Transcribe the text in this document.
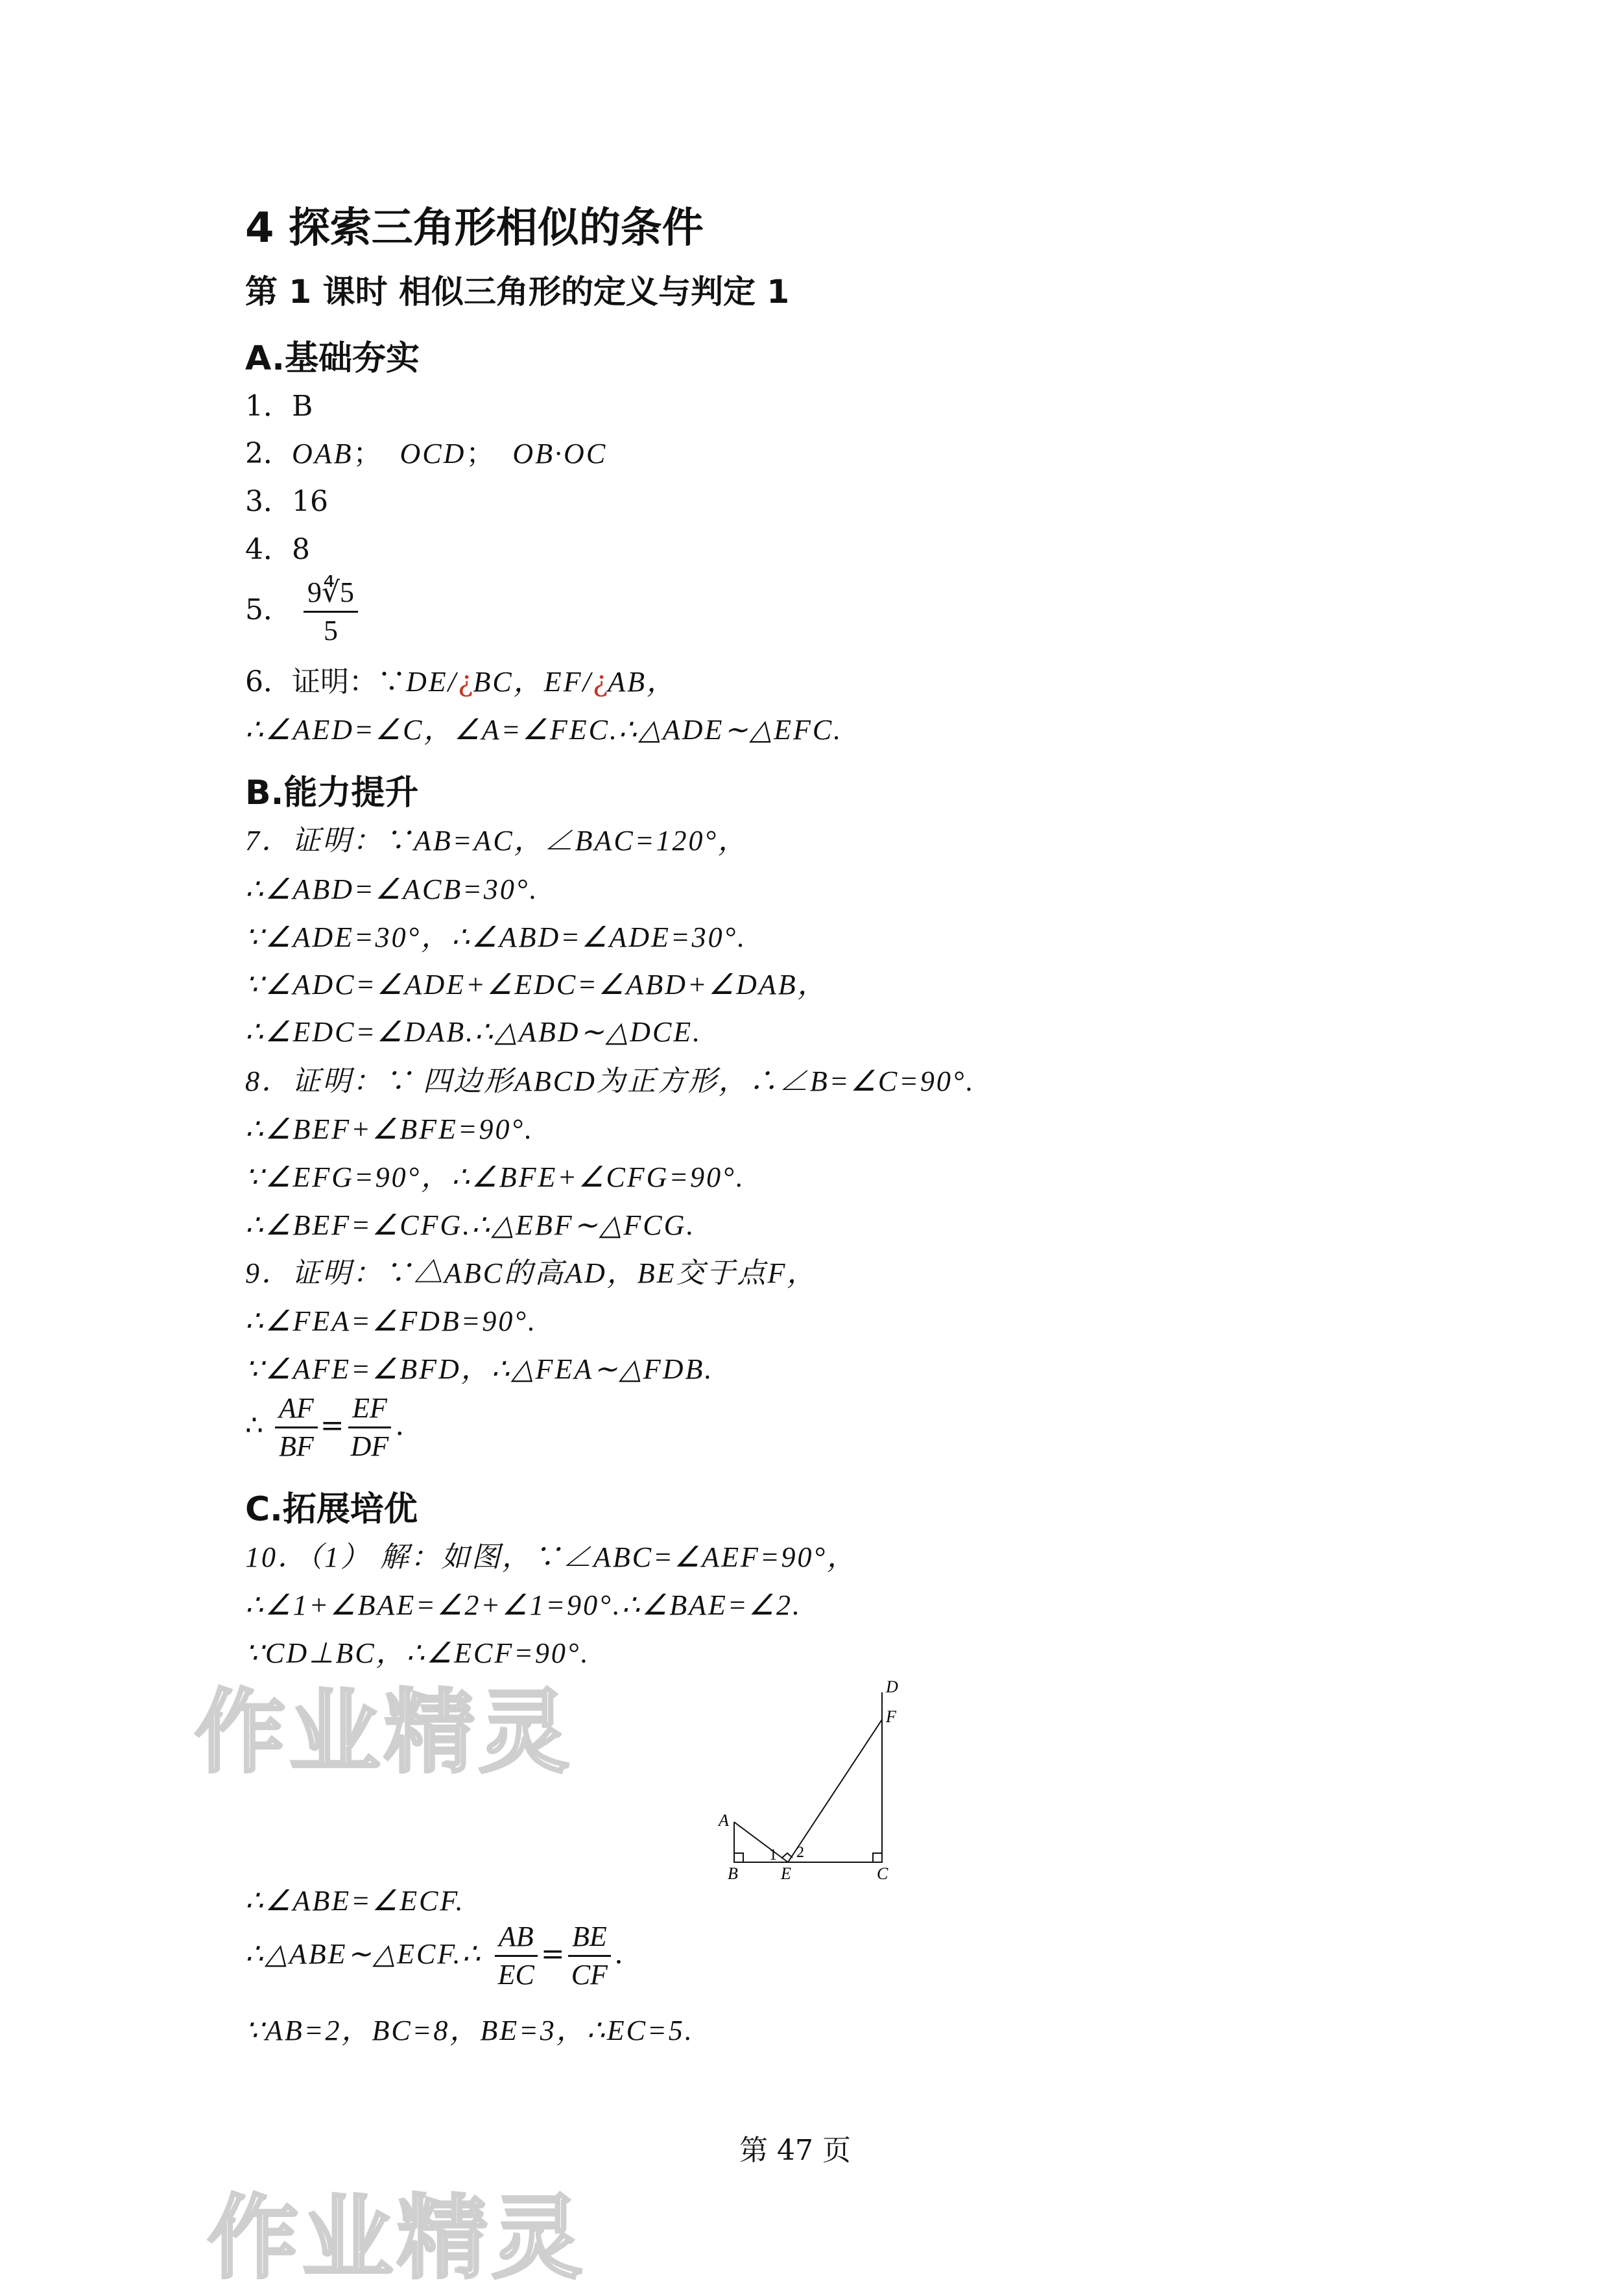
4 探索三角形相似的条件
第 1 课时 相似三角形的定义与判定 1
A.基础夯实
1．B
2．OAB； OCD； OB·OC
3．16
4．8
5． $\frac{9∜5}{5}$
6．证明：∵DE/¿BC，EF/¿AB，
∴∠AED=∠C，∠A=∠FEC.∴△ADE∼△EFC.
B.能力提升
7．证明：∵AB=AC，∠BAC=120°，
∴∠ABD=∠ACB=30°.
∵∠ADE=30°，∴∠ABD=∠ADE=30°.
∵∠ADC=∠ADE+∠EDC=∠ABD+∠DAB，
∴∠EDC=∠DAB.∴△ABD∼△DCE.
8．证明：∵ 四边形ABCD为正方形，∴∠B=∠C=90°.
∴∠BEF+∠BFE=90°.
∵∠EFG=90°，∴∠BFE+∠CFG=90°.
∴∠BEF=∠CFG.∴△EBF∼△FCG.
9．证明：∵△ABC的高AD，BE交于点F，
∴∠FEA=∠FDB=90°.
∵∠AFE=∠BFD，∴△FEA∼△FDB.
∴ $\frac{AF}{BF} = \frac{EF}{DF}$ .
C.拓展培优
10．（1） 解：如图，∵∠ABC=∠AEF=90°，
∴∠1+∠BAE=∠2+∠1=90°.∴∠BAE=∠2.
∵CD⊥BC，∴∠ECF=90°.
D
F
A
B	E	C
1 2
∴∠ABE=∠ECF.
∴△ABE∼△ECF.∴ $\frac{AB}{EC} = \frac{BE}{CF}$ .
∵AB=2，BC=8，BE=3，∴EC=5.
作业精灵
作业精灵
第 47 页
